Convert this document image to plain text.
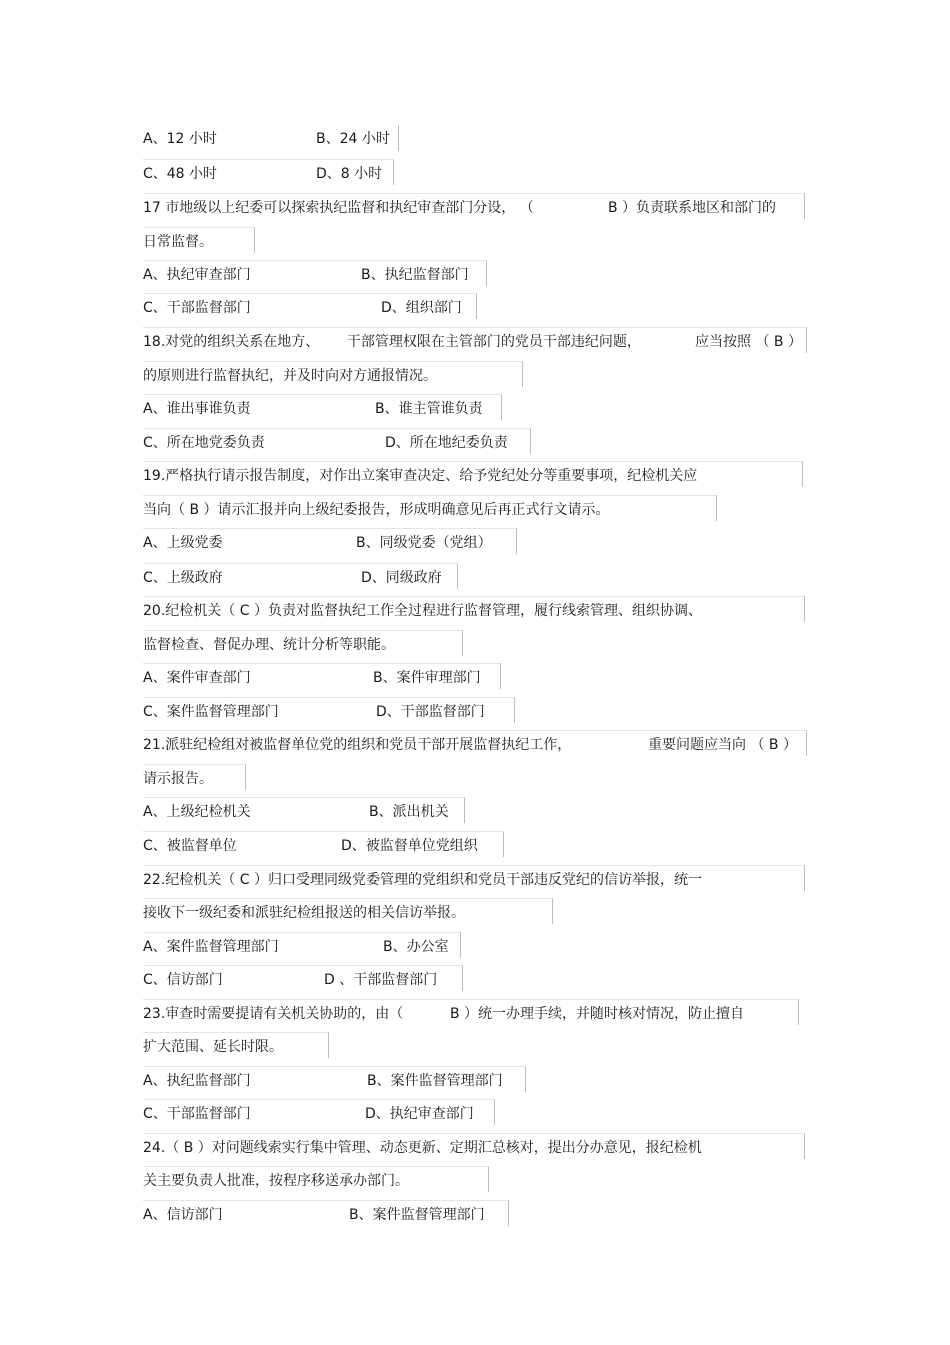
A、12 小时	B、24 小时
C、48 小时	D、8 小时
17 市地级以上纪委可以探索执纪监督和执纪审查部门分设， （	B ）负责联系地区和部门的
日常监督。
A、执纪审查部门	B、执纪监督部门
C、干部监督部门	D、组织部门
18.对党的组织关系在地方、	干部管理权限在主管部门的党员干部违纪问题，	应当按照 （ B ）
的原则进行监督执纪，并及时向对方通报情况。
A、谁出事谁负责	B、谁主管谁负责
C、所在地党委负责	D、所在地纪委负责
19.严格执行请示报告制度，对作出立案审查决定、给予党纪处分等重要事项，纪检机关应
当向（ B ）请示汇报并向上级纪委报告，形成明确意见后再正式行文请示。
A、上级党委	B、同级党委（党组）
C、上级政府	D、同级政府
20.纪检机关（ C ）负责对监督执纪工作全过程进行监督管理，履行线索管理、组织协调、
监督检查、督促办理、统计分析等职能。
A、案件审查部门	B、案件审理部门
C、案件监督管理部门	D、干部监督部门
21.派驻纪检组对被监督单位党的组织和党员干部开展监督执纪工作，	重要问题应当向 （ B ）
请示报告。
A、上级纪检机关	B、派出机关
C、被监督单位	D、被监督单位党组织
22.纪检机关（ C ）归口受理同级党委管理的党组织和党员干部违反党纪的信访举报，统一
接收下一级纪委和派驻纪检组报送的相关信访举报。
A、案件监督管理部门	B、办公室
C、信访部门	D 、干部监督部门
23.审查时需要提请有关机关协助的，由（	B ）统一办理手续，并随时核对情况，防止擅自
扩大范围、延长时限。
A、执纪监督部门	B、案件监督管理部门
C、干部监督部门	D、执纪审查部门
24.（ B ）对问题线索实行集中管理、动态更新、定期汇总核对，提出分办意见，报纪检机
关主要负责人批准，按程序移送承办部门。
A、信访部门	B、案件监督管理部门
